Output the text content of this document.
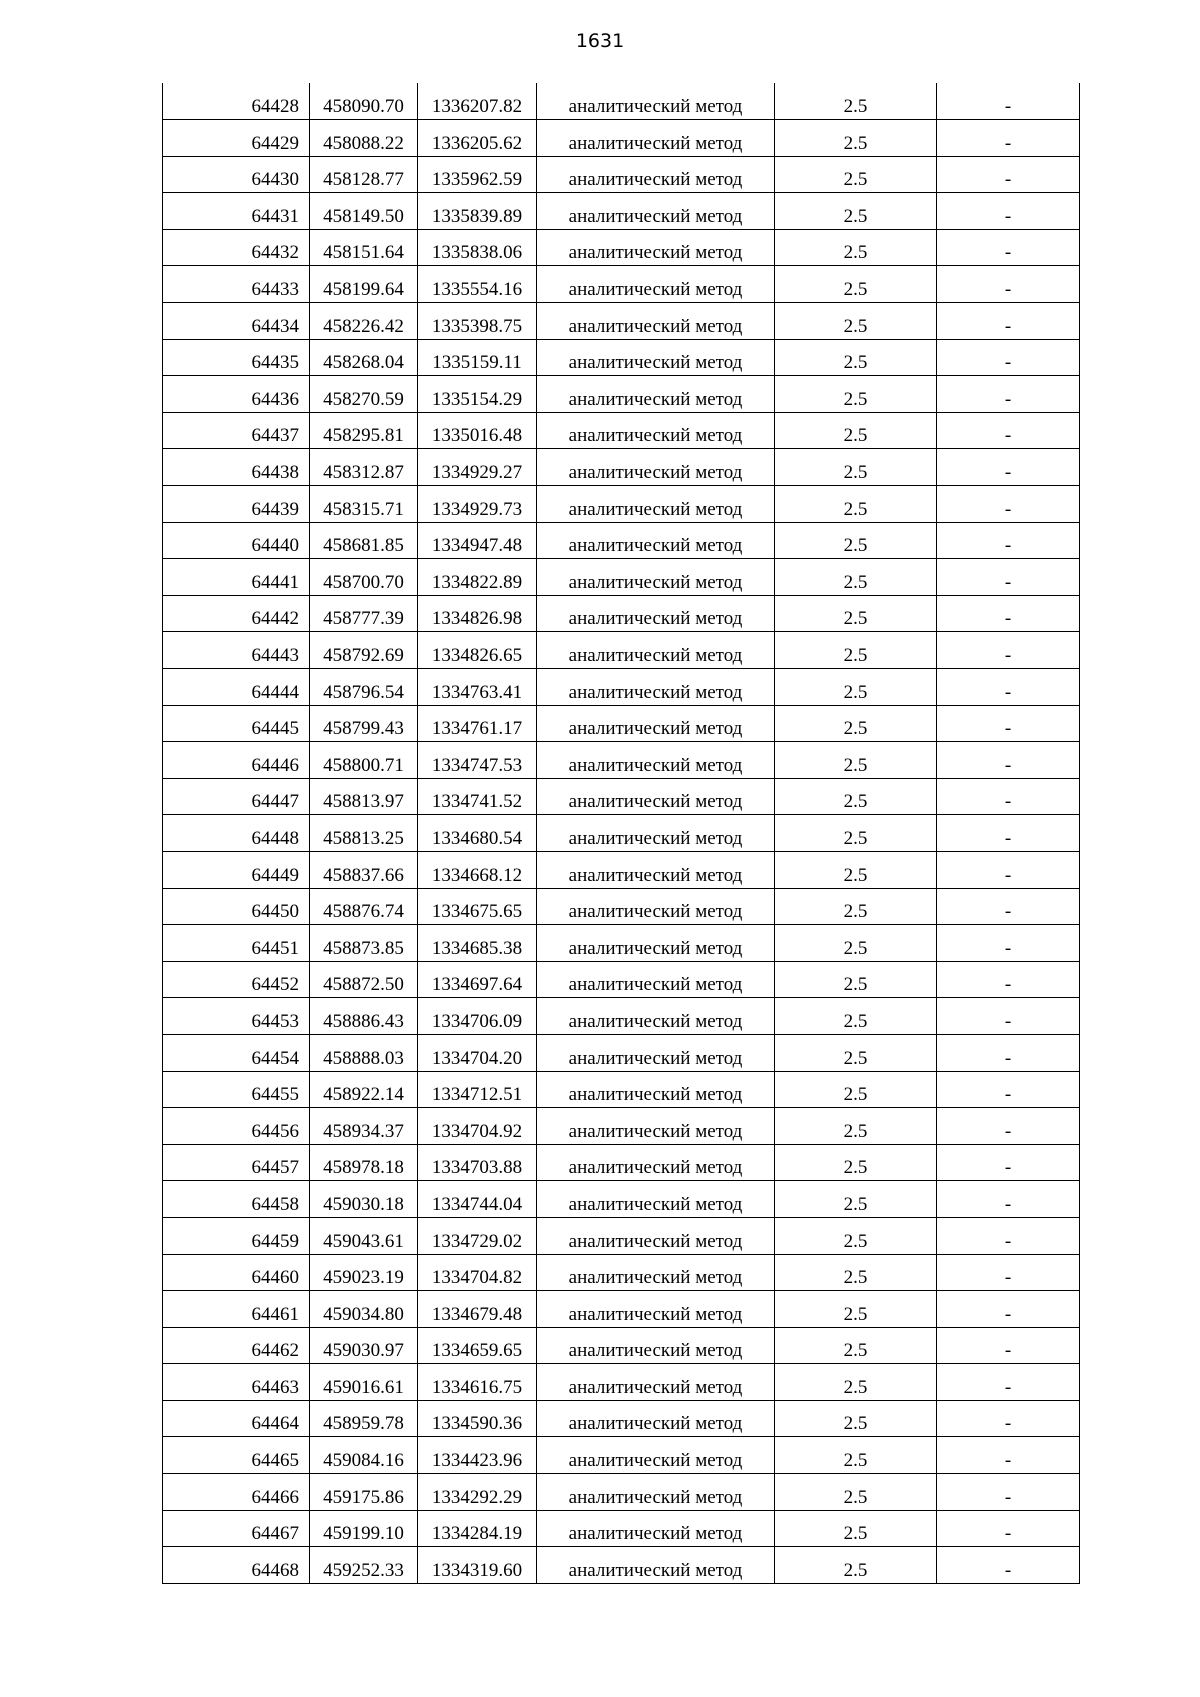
1631
64428	458090.70	1336207.82	аналитический метод	2.5	-
64429	458088.22	1336205.62	аналитический метод	2.5	-
64430	458128.77	1335962.59	аналитический метод	2.5	-
64431	458149.50	1335839.89	аналитический метод	2.5	-
64432	458151.64	1335838.06	аналитический метод	2.5	-
64433	458199.64	1335554.16	аналитический метод	2.5	-
64434	458226.42	1335398.75	аналитический метод	2.5	-
64435	458268.04	1335159.11	аналитический метод	2.5	-
64436	458270.59	1335154.29	аналитический метод	2.5	-
64437	458295.81	1335016.48	аналитический метод	2.5	-
64438	458312.87	1334929.27	аналитический метод	2.5	-
64439	458315.71	1334929.73	аналитический метод	2.5	-
64440	458681.85	1334947.48	аналитический метод	2.5	-
64441	458700.70	1334822.89	аналитический метод	2.5	-
64442	458777.39	1334826.98	аналитический метод	2.5	-
64443	458792.69	1334826.65	аналитический метод	2.5	-
64444	458796.54	1334763.41	аналитический метод	2.5	-
64445	458799.43	1334761.17	аналитический метод	2.5	-
64446	458800.71	1334747.53	аналитический метод	2.5	-
64447	458813.97	1334741.52	аналитический метод	2.5	-
64448	458813.25	1334680.54	аналитический метод	2.5	-
64449	458837.66	1334668.12	аналитический метод	2.5	-
64450	458876.74	1334675.65	аналитический метод	2.5	-
64451	458873.85	1334685.38	аналитический метод	2.5	-
64452	458872.50	1334697.64	аналитический метод	2.5	-
64453	458886.43	1334706.09	аналитический метод	2.5	-
64454	458888.03	1334704.20	аналитический метод	2.5	-
64455	458922.14	1334712.51	аналитический метод	2.5	-
64456	458934.37	1334704.92	аналитический метод	2.5	-
64457	458978.18	1334703.88	аналитический метод	2.5	-
64458	459030.18	1334744.04	аналитический метод	2.5	-
64459	459043.61	1334729.02	аналитический метод	2.5	-
64460	459023.19	1334704.82	аналитический метод	2.5	-
64461	459034.80	1334679.48	аналитический метод	2.5	-
64462	459030.97	1334659.65	аналитический метод	2.5	-
64463	459016.61	1334616.75	аналитический метод	2.5	-
64464	458959.78	1334590.36	аналитический метод	2.5	-
64465	459084.16	1334423.96	аналитический метод	2.5	-
64466	459175.86	1334292.29	аналитический метод	2.5	-
64467	459199.10	1334284.19	аналитический метод	2.5	-
64468	459252.33	1334319.60	аналитический метод	2.5	-
